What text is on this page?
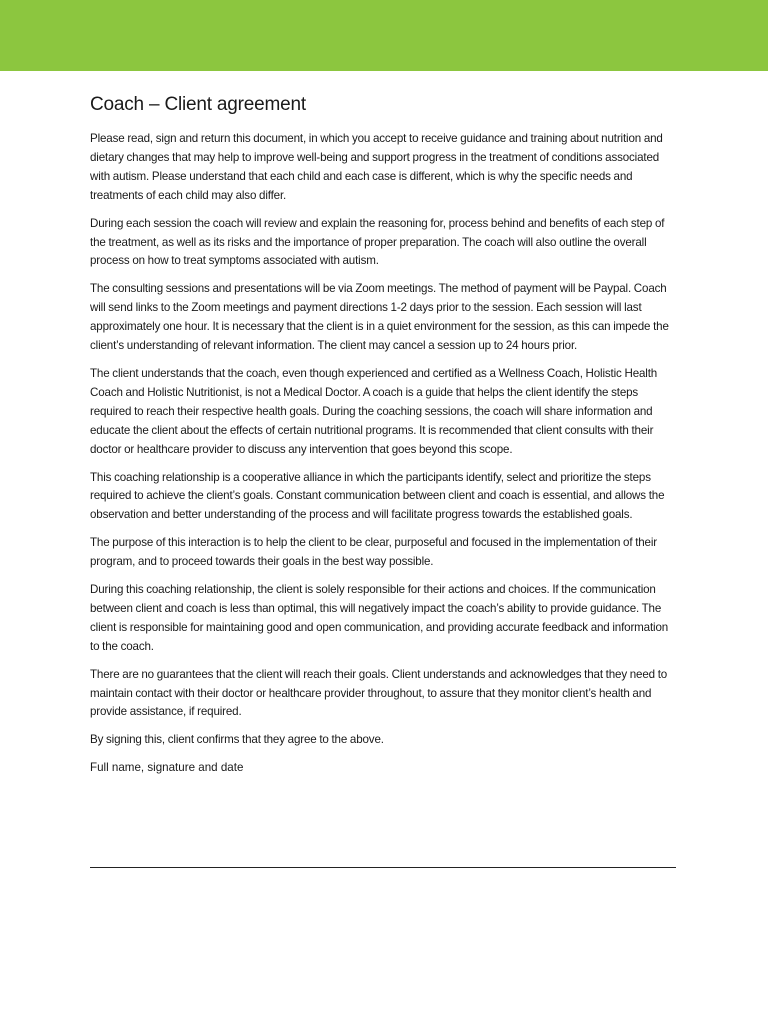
Coach – Client agreement

Please read, sign and return this document, in which you accept to receive guidance and training about nutrition and dietary changes that may help to improve well-being and support progress in the treatment of conditions associated with autism. Please understand that each child and each case is different, which is why the specific needs and treatments of each child may also differ.

During each session the coach will review and explain the reasoning for, process behind and benefits of each step of the treatment, as well as its risks and the importance of proper preparation. The coach will also outline the overall process on how to treat symptoms associated with autism.

The consulting sessions and presentations will be via Zoom meetings. The method of payment will be Paypal. Coach will send links to the Zoom meetings and payment directions 1-2 days prior to the session. Each session will last approximately one hour. It is necessary that the client is in a quiet environment for the session, as this can impede the client’s understanding of relevant information. The client may cancel a session up to 24 hours prior.

The client understands that the coach, even though experienced and certified as a Wellness Coach, Holistic Health Coach and Holistic Nutritionist, is not a Medical Doctor. A coach is a guide that helps the client identify the steps required to reach their respective health goals. During the coaching sessions, the coach will share information and educate the client about the effects of certain nutritional programs. It is recommended that client consults with their doctor or healthcare provider to discuss any intervention that goes beyond this scope.

This coaching relationship is a cooperative alliance in which the participants identify, select and prioritize the steps required to achieve the client’s goals. Constant communication between client and coach is essential, and allows the observation and better understanding of the process and will facilitate progress towards the established goals.

The purpose of this interaction is to help the client to be clear, purposeful and focused in the implementation of their program, and to proceed towards their goals in the best way possible.

During this coaching relationship, the client is solely responsible for their actions and choices. If the communication between client and coach is less than optimal, this will negatively impact the coach’s ability to provide guidance. The client is responsible for maintaining good and open communication, and providing accurate feedback and information to the coach.

There are no guarantees that the client will reach their goals. Client understands and acknowledges that they need to maintain contact with their doctor or healthcare provider throughout, to assure that they monitor client’s health and provide assistance, if required.

By signing this, client confirms that they agree to the above.

Full name, signature and date
